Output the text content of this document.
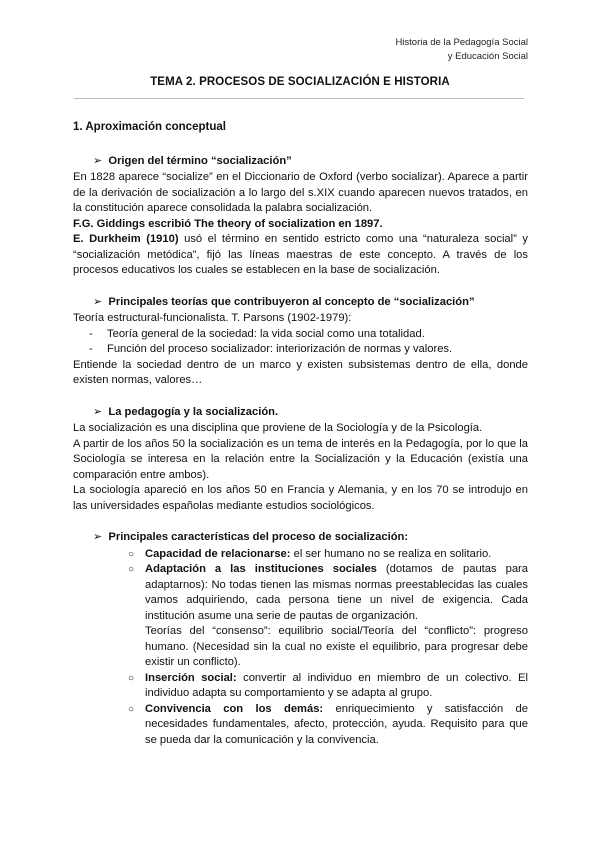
Historia de la Pedagogía Social
y Educación Social
TEMA 2. PROCESOS DE SOCIALIZACIÓN E HISTORIA
1. Aproximación conceptual
➢ Origen del término “socialización”

En 1828 aparece “socialize” en el Diccionario de Oxford (verbo socializar). Aparece a partir de la derivación de socialización a lo largo del s.XIX cuando aparecen nuevos tratados, en la constitución aparece consolidada la palabra socialización.

F.G. Giddings escribió The theory of socialization en 1897.

E. Durkheim (1910) usó el término en sentido estricto como una “naturaleza social” y “socialización metódica”, fijó las líneas maestras de este concepto. A través de los procesos educativos los cuales se establecen en la base de socialización.

➢ Principales teorías que contribuyeron al concepto de “socialización”

Teoría estructural-funcionalista. T. Parsons (1902-1979):

- Teoría general de la sociedad: la vida social como una totalidad.
- Función del proceso socializador: interiorización de normas y valores.

Entiende la sociedad dentro de un marco y existen subsistemas dentro de ella, donde existen normas, valores…

➢ La pedagogía y la socialización.

La socialización es una disciplina que proviene de la Sociología y de la Psicología.

A partir de los años 50 la socialización es un tema de interés en la Pedagogía, por lo que la Sociología se interesa en la relación entre la Socialización y la Educación (existía una comparación entre ambos).

La sociología apareció en los años 50 en Francia y Alemania, y en los 70 se introdujo en las universidades españolas mediante estudios sociológicos.

➢ Principales características del proceso de socialización:
○ Capacidad de relacionarse: el ser humano no se realiza en solitario.
○ Adaptación a las instituciones sociales (dotamos de pautas para adaptarnos): No todas tienen las mismas normas preestablecidas las cuales vamos adquiriendo, cada persona tiene un nivel de exigencia. Cada institución asume una serie de pautas de organización.
Teorías del “consenso”: equilibrio social/Teoría del “conflicto”: progreso humano. (Necesidad sin la cual no existe el equilibrio, para progresar debe existir un conflicto).
○ Inserción social: convertir al individuo en miembro de un colectivo. El individuo adapta su comportamiento y se adapta al grupo.
○ Convivencia con los demás: enriquecimiento y satisfacción de necesidades fundamentales, afecto, protección, ayuda. Requisito para que se pueda dar la comunicación y la convivencia.
